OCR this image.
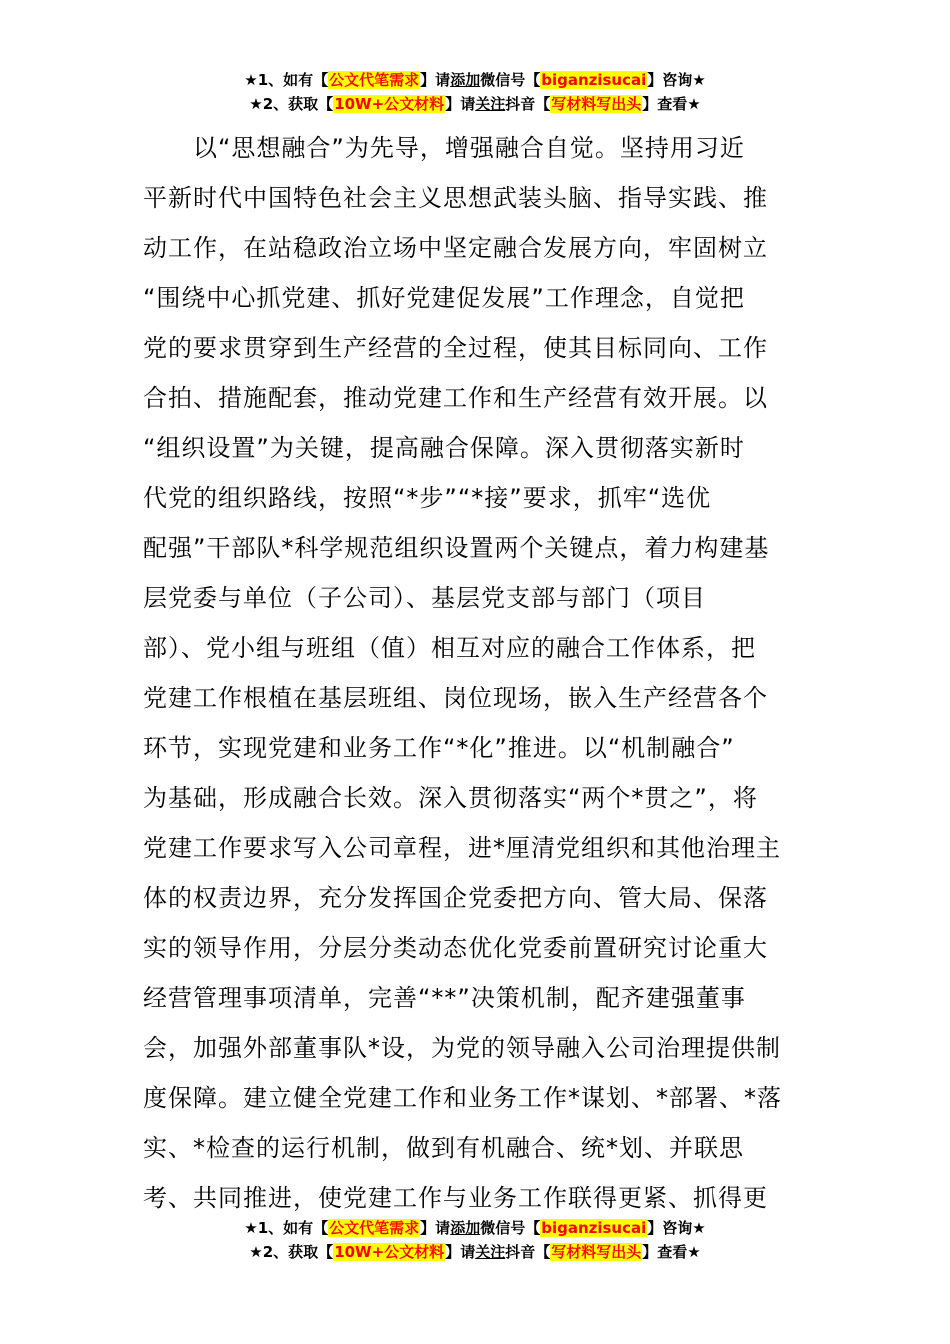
★1、如有【公文代笔需求】请添加微信号【biganzisucai】咨询★
★2、获取【10W+公文材料】请关注抖音【写材料写出头】查看★
　　以“思想融合”为先导，增强融合自觉。坚持用习近
平新时代中国特色社会主义思想武装头脑、指导实践、推
动工作，在站稳政治立场中坚定融合发展方向，牢固树立
“围绕中心抓党建、抓好党建促发展”工作理念，自觉把
党的要求贯穿到生产经营的全过程，使其目标同向、工作
合拍、措施配套，推动党建工作和生产经营有效开展。以
“组织设置”为关键，提高融合保障。深入贯彻落实新时
代党的组织路线，按照“*步”“*接”要求，抓牢“选优
配强”干部队*科学规范组织设置两个关键点，着力构建基
层党委与单位（子公司）、基层党支部与部门（项目
部）、党小组与班组（值）相互对应的融合工作体系，把
党建工作根植在基层班组、岗位现场，嵌入生产经营各个
环节，实现党建和业务工作“*化”推进。以“机制融合”
为基础，形成融合长效。深入贯彻落实“两个*贯之”，将
党建工作要求写入公司章程，进*厘清党组织和其他治理主
体的权责边界，充分发挥国企党委把方向、管大局、保落
实的领导作用，分层分类动态优化党委前置研究讨论重大
经营管理事项清单，完善“**”决策机制，配齐建强董事
会，加强外部董事队*设，为党的领导融入公司治理提供制
度保障。建立健全党建工作和业务工作*谋划、*部署、*落
实、*检查的运行机制，做到有机融合、统*划、并联思
考、共同推进，使党建工作与业务工作联得更紧、抓得更
★1、如有【公文代笔需求】请添加微信号【biganzisucai】咨询★
★2、获取【10W+公文材料】请关注抖音【写材料写出头】查看★
